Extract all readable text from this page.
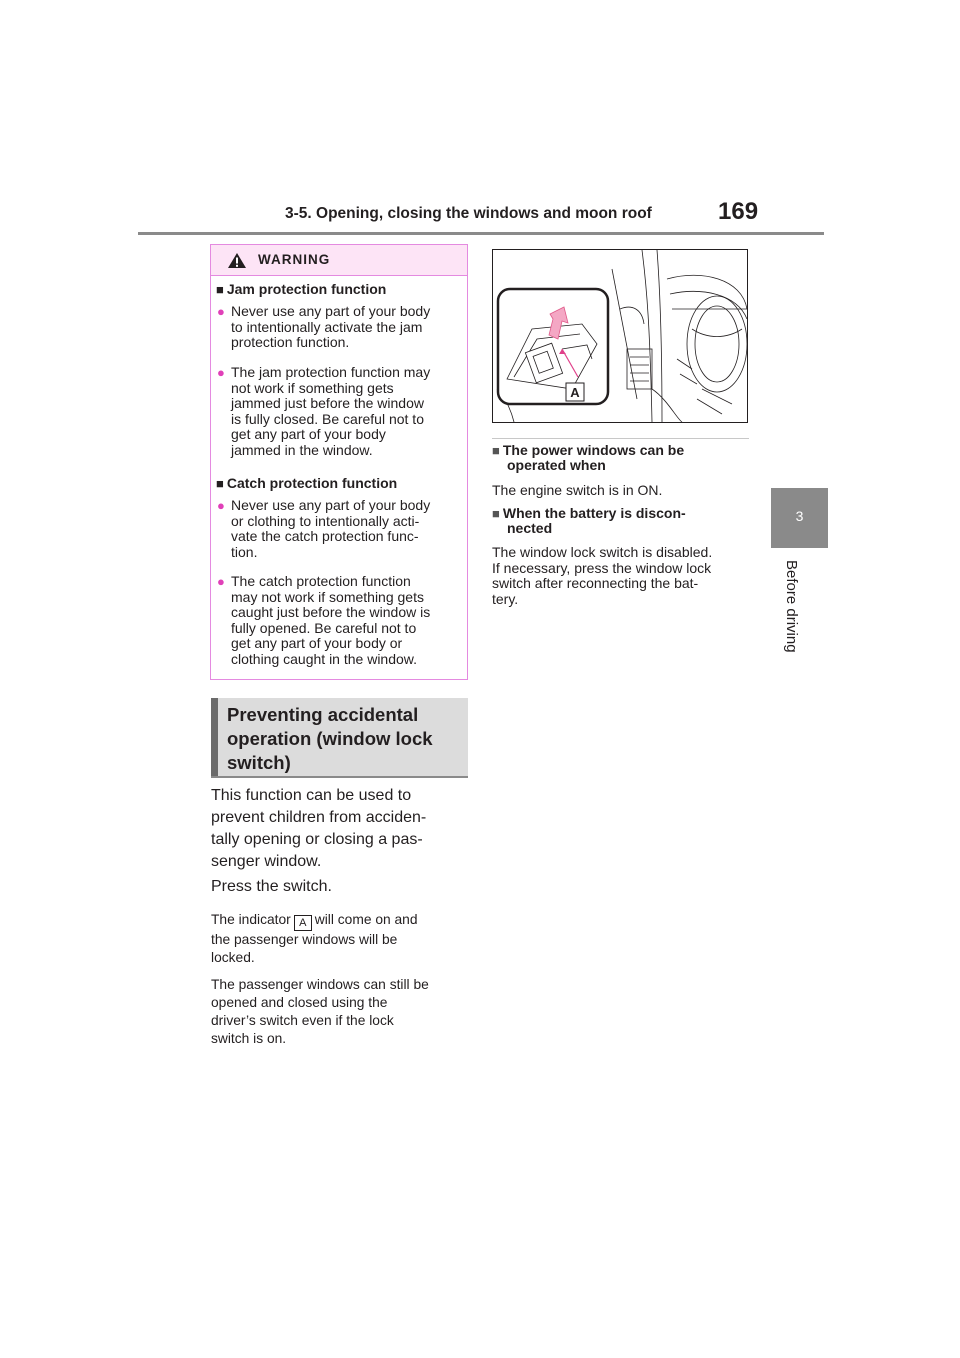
3-5. Opening, closing the windows and moon roof	169
3
Before driving
WARNING
■ Jam protection function
● Never use any part of your body
to intentionally activate the jam
protection function.
● The jam protection function may
not work if something gets
jammed just before the window
is fully closed. Be careful not to
get any part of your body
jammed in the window.
■ Catch protection function
● Never use any part of your body
or clothing to intentionally acti-
vate the catch protection func-
tion.
● The catch protection function
may not work if something gets
caught just before the window is
fully opened. Be careful not to
get any part of your body or
clothing caught in the window.
Preventing accidental
operation (window lock
switch)
This function can be used to
prevent children from acciden-
tally opening or closing a pas-
senger window.
Press the switch.
The indicator A will come on and
the passenger windows will be
locked.
The passenger windows can still be
opened and closed using the
driver’s switch even if the lock
switch is on.
A
■ The power windows can be
operated when
The engine switch is in ON.
■ When the battery is discon-
nected
The window lock switch is disabled.
If necessary, press the window lock
switch after reconnecting the bat-
tery.
